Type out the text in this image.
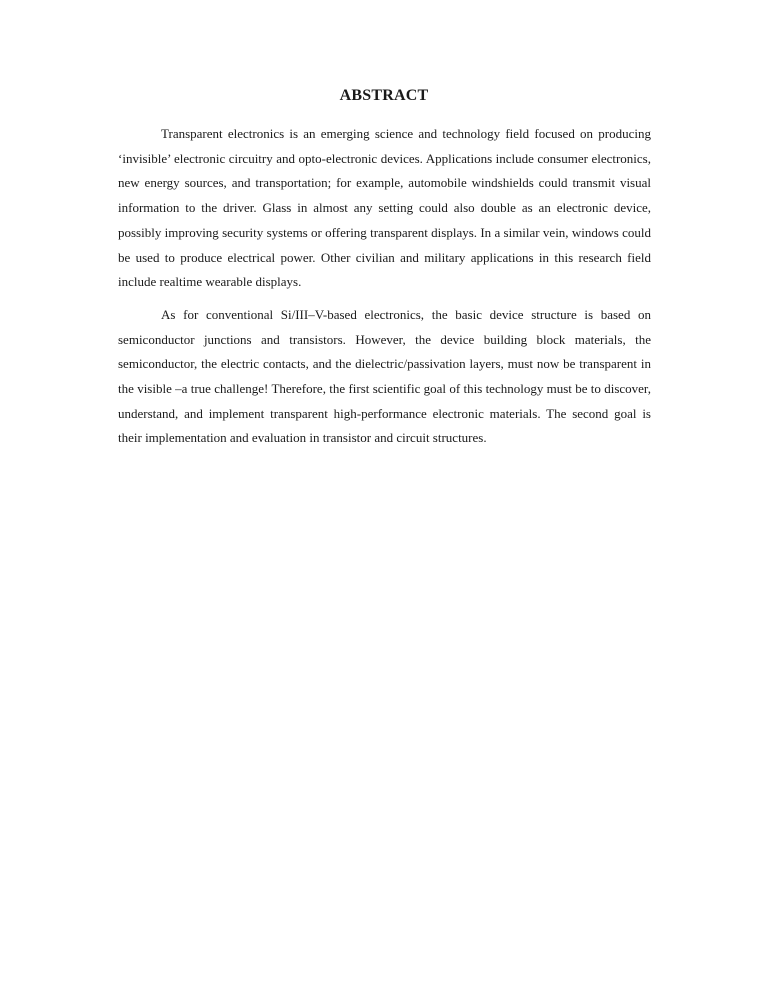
ABSTRACT

Transparent electronics is an emerging science and technology field focused on producing ‘invisible’ electronic circuitry and opto-electronic devices. Applications include consumer electronics, new energy sources, and transportation; for example, automobile windshields could transmit visual information to the driver. Glass in almost any setting could also double as an electronic device, possibly improving security systems or offering transparent displays. In a similar vein, windows could be used to produce electrical power. Other civilian and military applications in this research field include realtime wearable displays.

As for conventional Si/III–V-based electronics, the basic device structure is based on semiconductor junctions and transistors. However, the device building block materials, the semiconductor, the electric contacts, and the dielectric/passivation layers, must now be transparent in the visible –a true challenge! Therefore, the first scientific goal of this technology must be to discover, understand, and implement transparent high-performance electronic materials. The second goal is their implementation and evaluation in transistor and circuit structures.
